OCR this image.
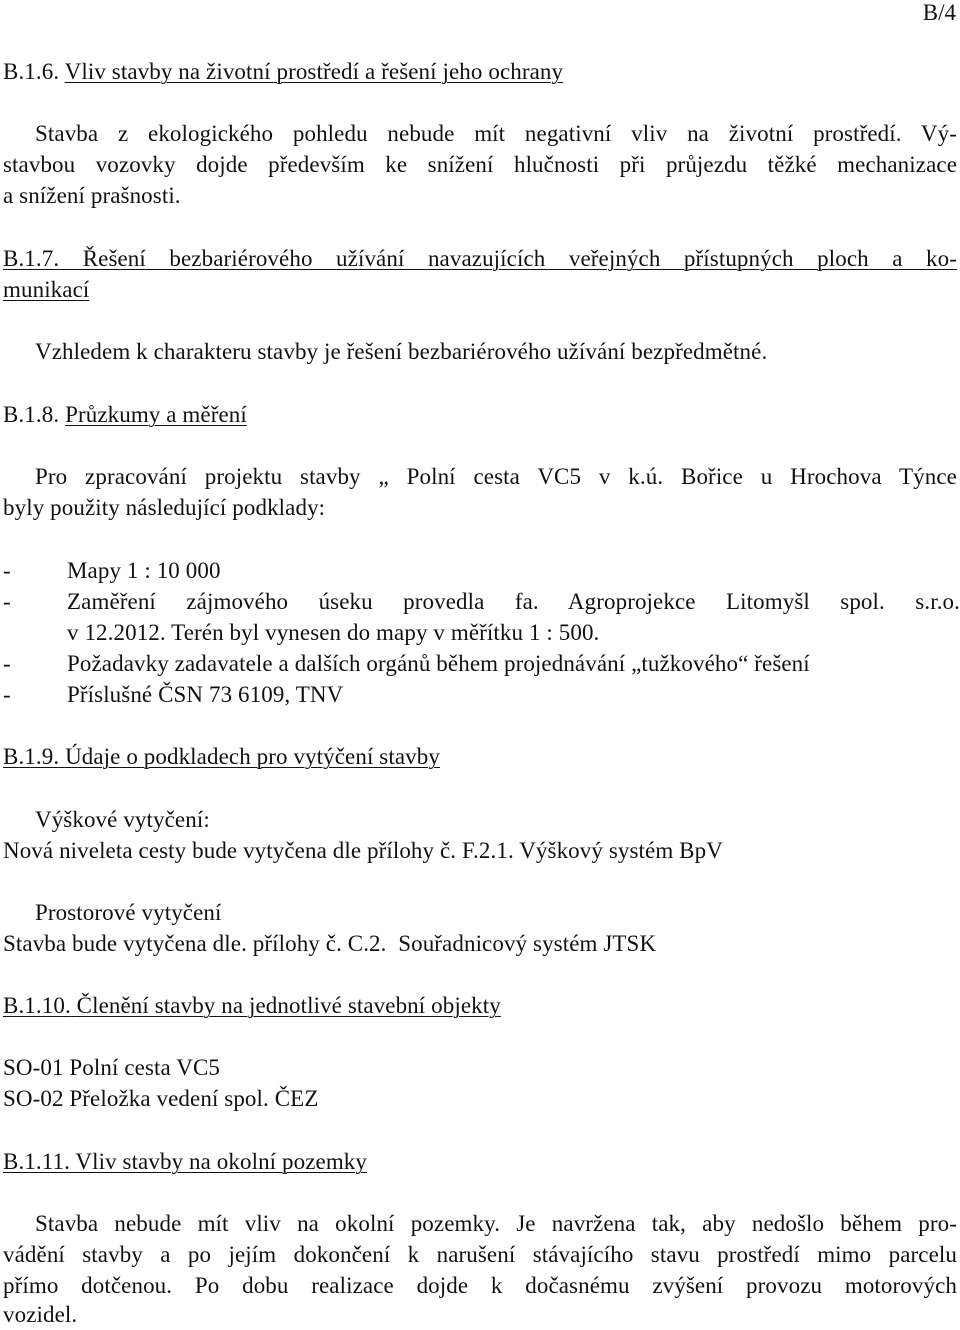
B/4
B.1.6. Vliv stavby na životní prostředí a řešení jeho ochrany
Stavba z ekologického pohledu nebude mít negativní vliv na životní prostředí. Vý-
stavbou vozovky dojde především ke snížení hlučnosti při průjezdu těžké mechanizace
a snížení prašnosti.
B.1.7. Řešení bezbariérového užívání navazujících veřejných přístupných ploch a ko-
munikací
Vzhledem k charakteru stavby je řešení bezbariérového užívání bezpředmětné.
B.1.8. Průzkumy a měření
Pro zpracování projektu stavby „ Polní cesta VC5 v k.ú. Bořice u Hrochova Týnce
byly použity následující podklady:
- Mapy 1 : 10 000
- Zaměření zájmového úseku provedla fa. Agroprojekce Litomyšl spol. s.r.o.
v 12.2012. Terén byl vynesen do mapy v měřítku 1 : 500.
- Požadavky zadavatele a dalších orgánů během projednávání „tužkového“ řešení
- Příslušné ČSN 73 6109, TNV
B.1.9. Údaje o podkladech pro vytýčení stavby
Výškové vytyčení:
Nová niveleta cesty bude vytyčena dle přílohy č. F.2.1. Výškový systém BpV
Prostorové vytyčení
Stavba bude vytyčena dle. přílohy č. C.2.  Souřadnicový systém JTSK
B.1.10. Členění stavby na jednotlivé stavební objekty
SO-01 Polní cesta VC5
SO-02 Přeložka vedení spol. ČEZ
B.1.11. Vliv stavby na okolní pozemky
Stavba nebude mít vliv na okolní pozemky. Je navržena tak, aby nedošlo během pro-
vádění stavby a po jejím dokončení k narušení stávajícího stavu prostředí mimo parcelu
přímo dotčenou. Po dobu realizace dojde k dočasnému zvýšení provozu motorových
vozidel.
